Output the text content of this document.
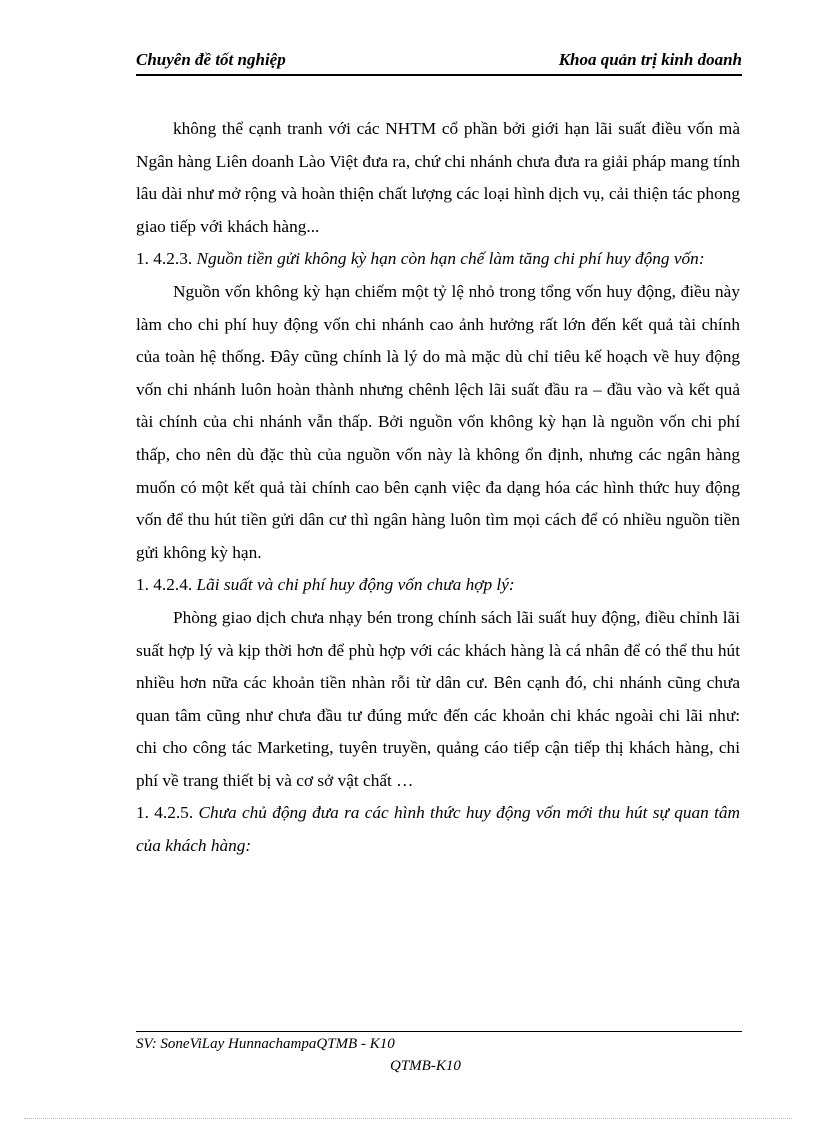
Chuyên đề tốt nghiệp	Khoa quản trị kinh doanh

không thể cạnh tranh với các NHTM cổ phần bởi giới hạn lãi suất điều vốn mà Ngân hàng Liên doanh Lào Việt đưa ra, chứ chi nhánh chưa đưa ra giải pháp mang tính lâu dài như mở rộng và hoàn thiện chất lượng các loại hình dịch vụ, cải thiện tác phong giao tiếp với khách hàng...

1. 4.2.3. Nguồn tiền gửi không kỳ hạn còn hạn chế làm tăng chi phí huy động vốn:

Nguồn vốn không kỳ hạn chiếm một tỷ lệ nhỏ trong tổng vốn huy động, điều này làm cho chi phí huy động vốn chi nhánh cao ảnh hưởng rất lớn đến kết quả tài chính của toàn hệ thống. Đây cũng chính là lý do mà mặc dù chỉ tiêu kế hoạch về huy động vốn chi nhánh luôn hoàn thành nhưng chênh lệch lãi suất đầu ra – đầu vào và kết quả tài chính của chi nhánh vẫn thấp. Bởi nguồn vốn không kỳ hạn là nguồn vốn chi phí thấp, cho nên dù đặc thù của nguồn vốn này là không ổn định, nhưng các ngân hàng muốn có một kết quả tài chính cao bên cạnh việc đa dạng hóa các hình thức huy động vốn để thu hút tiền gửi dân cư thì ngân hàng luôn tìm mọi cách để có nhiều nguồn tiền gửi không kỳ hạn.

1. 4.2.4. Lãi suất và chi phí huy động vốn chưa hợp lý:

Phòng giao dịch chưa nhạy bén trong chính sách lãi suất huy động, điều chỉnh lãi suất hợp lý và kịp thời hơn để phù hợp với các khách hàng là cá nhân để có thể thu hút nhiều hơn nữa các khoản tiền nhàn rỗi từ dân cư. Bên cạnh đó, chi nhánh cũng chưa quan tâm cũng như chưa đầu tư đúng mức đến các khoản chi khác ngoài chi lãi như: chi cho công tác Marketing, tuyên truyền, quảng cáo tiếp cận tiếp thị khách hàng, chi phí về trang thiết bị và cơ sở vật chất …

1. 4.2.5. Chưa chủ động đưa ra các hình thức huy động vốn mới thu hút sự quan tâm của khách hàng:

SV: SoneViLay HunnachampaQTMB - K10
QTMB-K10
